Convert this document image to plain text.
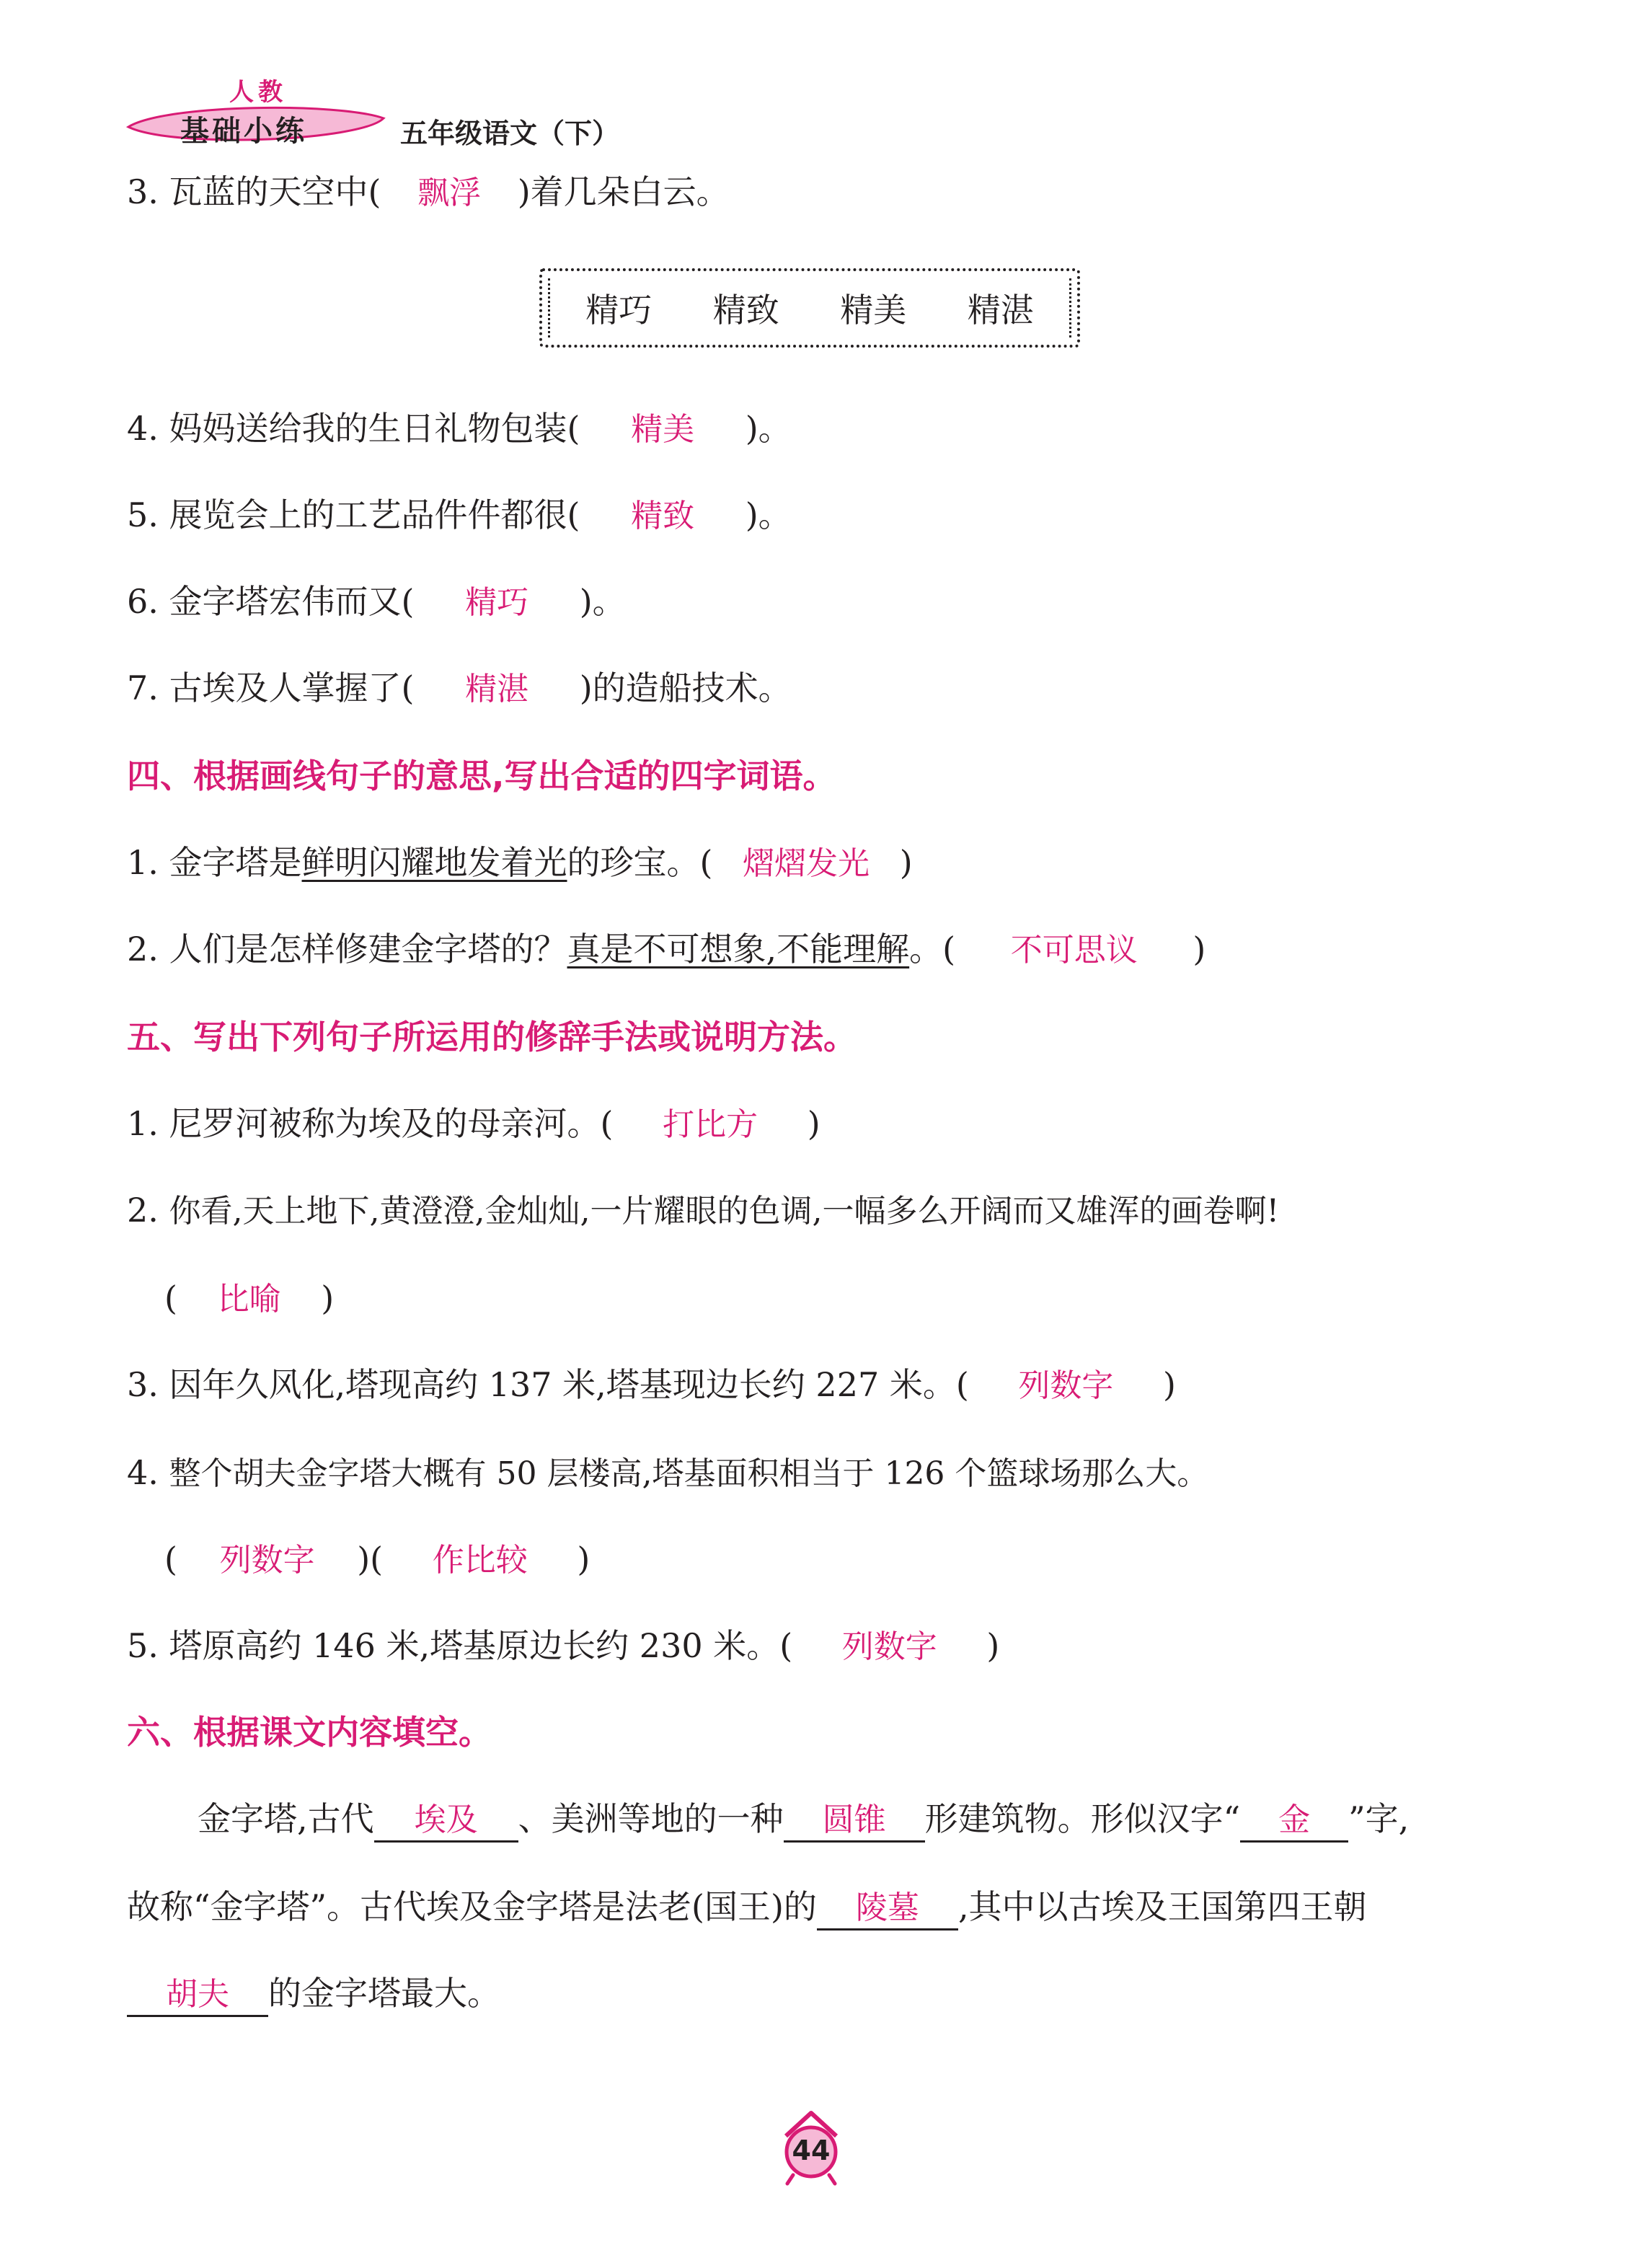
人教
基础小练	五年级语文（下）
3. 瓦蓝的天空中( 飘浮 )着几朵白云。
精巧 精致 精美 精湛
4. 妈妈送给我的生日礼物包装( 精美 )。
5. 展览会上的工艺品件件都很( 精致 )。
6. 金字塔宏伟而又( 精巧 )。
7. 古埃及人掌握了( 精湛 )的造船技术。
四、根据画线句子的意思,写出合适的四字词语。
1. 金字塔是鲜明闪耀地发着光的珍宝。( 熠熠发光 )
2. 人们是怎样修建金字塔的？真是不可想象,不能理解。( 不可思议 )
五、写出下列句子所运用的修辞手法或说明方法。
1. 尼罗河被称为埃及的母亲河。( 打比方 )
2. 你看,天上地下,黄澄澄,金灿灿,一片耀眼的色调,一幅多么开阔而又雄浑的画卷啊!
( 比喻 )
3. 因年久风化,塔现高约 137 米,塔基现边长约 227 米。( 列数字 )
4. 整个胡夫金字塔大概有 50 层楼高,塔基面积相当于 126 个篮球场那么大。
( 列数字 )( 作比较 )
5. 塔原高约 146 米,塔基原边长约 230 米。( 列数字 )
六、根据课文内容填空。
金字塔,古代 埃及 、美洲等地的一种 圆锥 形建筑物。形似汉字“ 金 ”字,
故称“金字塔”。古代埃及金字塔是法老(国王)的 陵墓 ,其中以古埃及王国第四王朝
胡夫 的金字塔最大。
44
